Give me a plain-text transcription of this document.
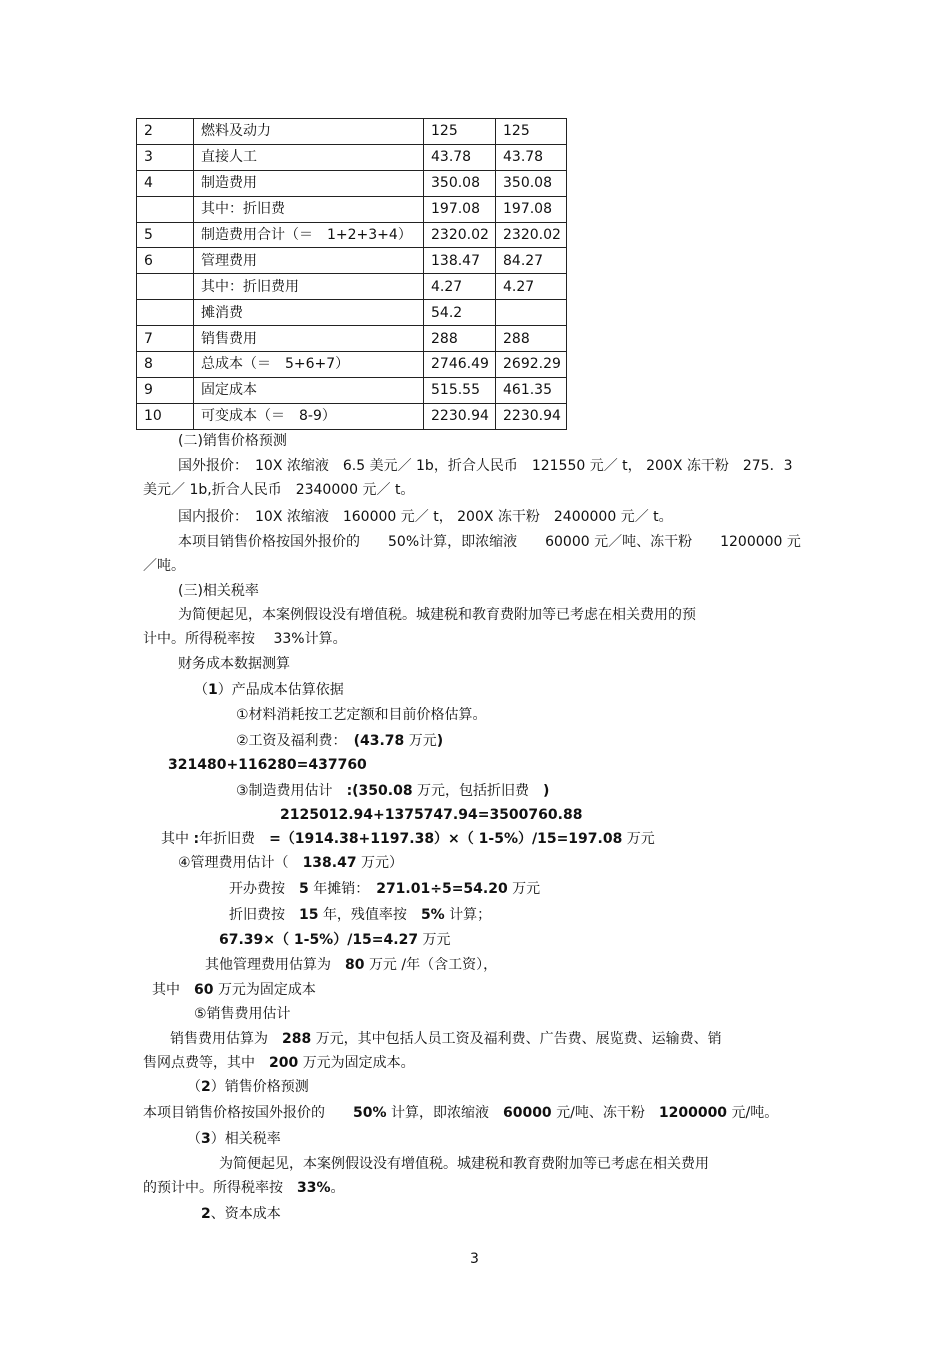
2	燃料及动力	125	125
3	直接人工	43.78	43.78
4	制造费用	350.08	350.08
	其中：折旧费	197.08	197.08
5	制造费用合计（＝　1+2+3+4）	2320.02	2320.02
6	管理费用	138.47	84.27
	其中：折旧费用	4.27	4.27
	摊消费	54.2	
7	销售费用	288	288
8	总成本（＝　5+6+7）	2746.49	2692.29
9	固定成本	515.55	461.35
10	可变成本（＝　8-9）	2230.94	2230.94
(二)销售价格预测
国外报价：　10X 浓缩液　6.5 美元／ 1b，折合人民币　121550 元／ t， 200X 冻干粉　275．3
美元／ 1b,折合人民币　2340000 元／ t。
国内报价：　10X 浓缩液　160000 元／ t， 200X 冻干粉　2400000 元／ t。
本项目销售价格按国外报价的　　50%计算，即浓缩液　　60000 元／吨、冻干粉　　1200000 元
／吨。
(三)相关税率
为简便起见，本案例假设没有增值税。城建税和教育费附加等已考虑在相关费用的预
计中。所得税率按　 33%计算。
财务成本数据测算
（1）产品成本估算依据
①材料消耗按工艺定额和目前价格估算。
②工资及福利费：　(43.78 万元)
321480+116280=437760
③制造费用估计　:(350.08 万元，包括折旧费　)
2125012.94+1375747.94=3500760.88
其中 :年折旧费　=（1914.38+1197.38）×（ 1-5%）/15=197.08 万元
④管理费用估计（　138.47 万元）
开办费按　5 年摊销：　271.01÷5=54.20 万元
折旧费按　15 年，残值率按　5% 计算；
67.39×（ 1-5%）/15=4.27 万元
其他管理费用估算为　80 万元 /年（含工资），
其中　60 万元为固定成本
⑤销售费用估计
销售费用估算为　288 万元，其中包括人员工资及福利费、广告费、展览费、运输费、销
售网点费等，其中　200 万元为固定成本。
（2）销售价格预测
本项目销售价格按国外报价的　　50% 计算，即浓缩液　60000 元/吨、冻干粉　1200000 元/吨。
（3）相关税率
为简便起见，本案例假设没有增值税。城建税和教育费附加等已考虑在相关费用
的预计中。所得税率按　33%。
2、资本成本
3
